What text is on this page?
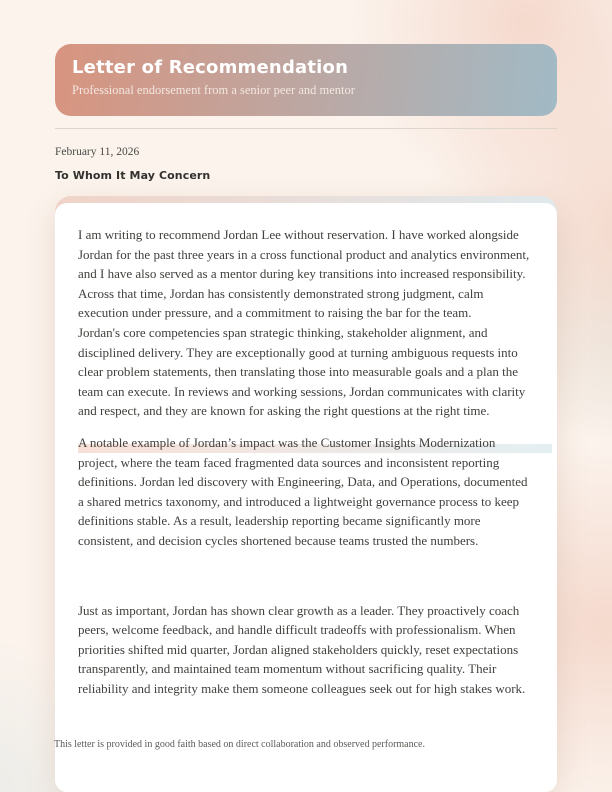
Letter of Recommendation

Professional endorsement from a senior peer and mentor

February 11, 2026
To Whom It May Concern

I am writing to recommend Jordan Lee without reservation. I have worked alongside Jordan for the past three years in a cross functional product and analytics environment, and I have also served as a mentor during key transitions into increased responsibility. Across that time, Jordan has consistently demonstrated strong judgment, calm execution under pressure, and a commitment to raising the bar for the team.

Jordan's core competencies span strategic thinking, stakeholder alignment, and disciplined delivery. They are exceptionally good at turning ambiguous requests into clear problem statements, then translating those into measurable goals and a plan the team can execute. In reviews and working sessions, Jordan communicates with clarity and respect, and they are known for asking the right questions at the right time.

A notable example of Jordan’s impact was the Customer Insights Modernization project, where the team faced fragmented data sources and inconsistent reporting definitions. Jordan led discovery with Engineering, Data, and Operations, documented a shared metrics taxonomy, and introduced a lightweight governance process to keep definitions stable. As a result, leadership reporting became significantly more consistent, and decision cycles shortened because teams trusted the numbers.

Just as important, Jordan has shown clear growth as a leader. They proactively coach peers, welcome feedback, and handle difficult tradeoffs with professionalism. When priorities shifted mid quarter, Jordan aligned stakeholders quickly, reset expectations transparently, and maintained team momentum without sacrificing quality. Their reliability and integrity make them someone colleagues seek out for high stakes work.

This letter is provided in good faith based on direct collaboration and observed performance.
